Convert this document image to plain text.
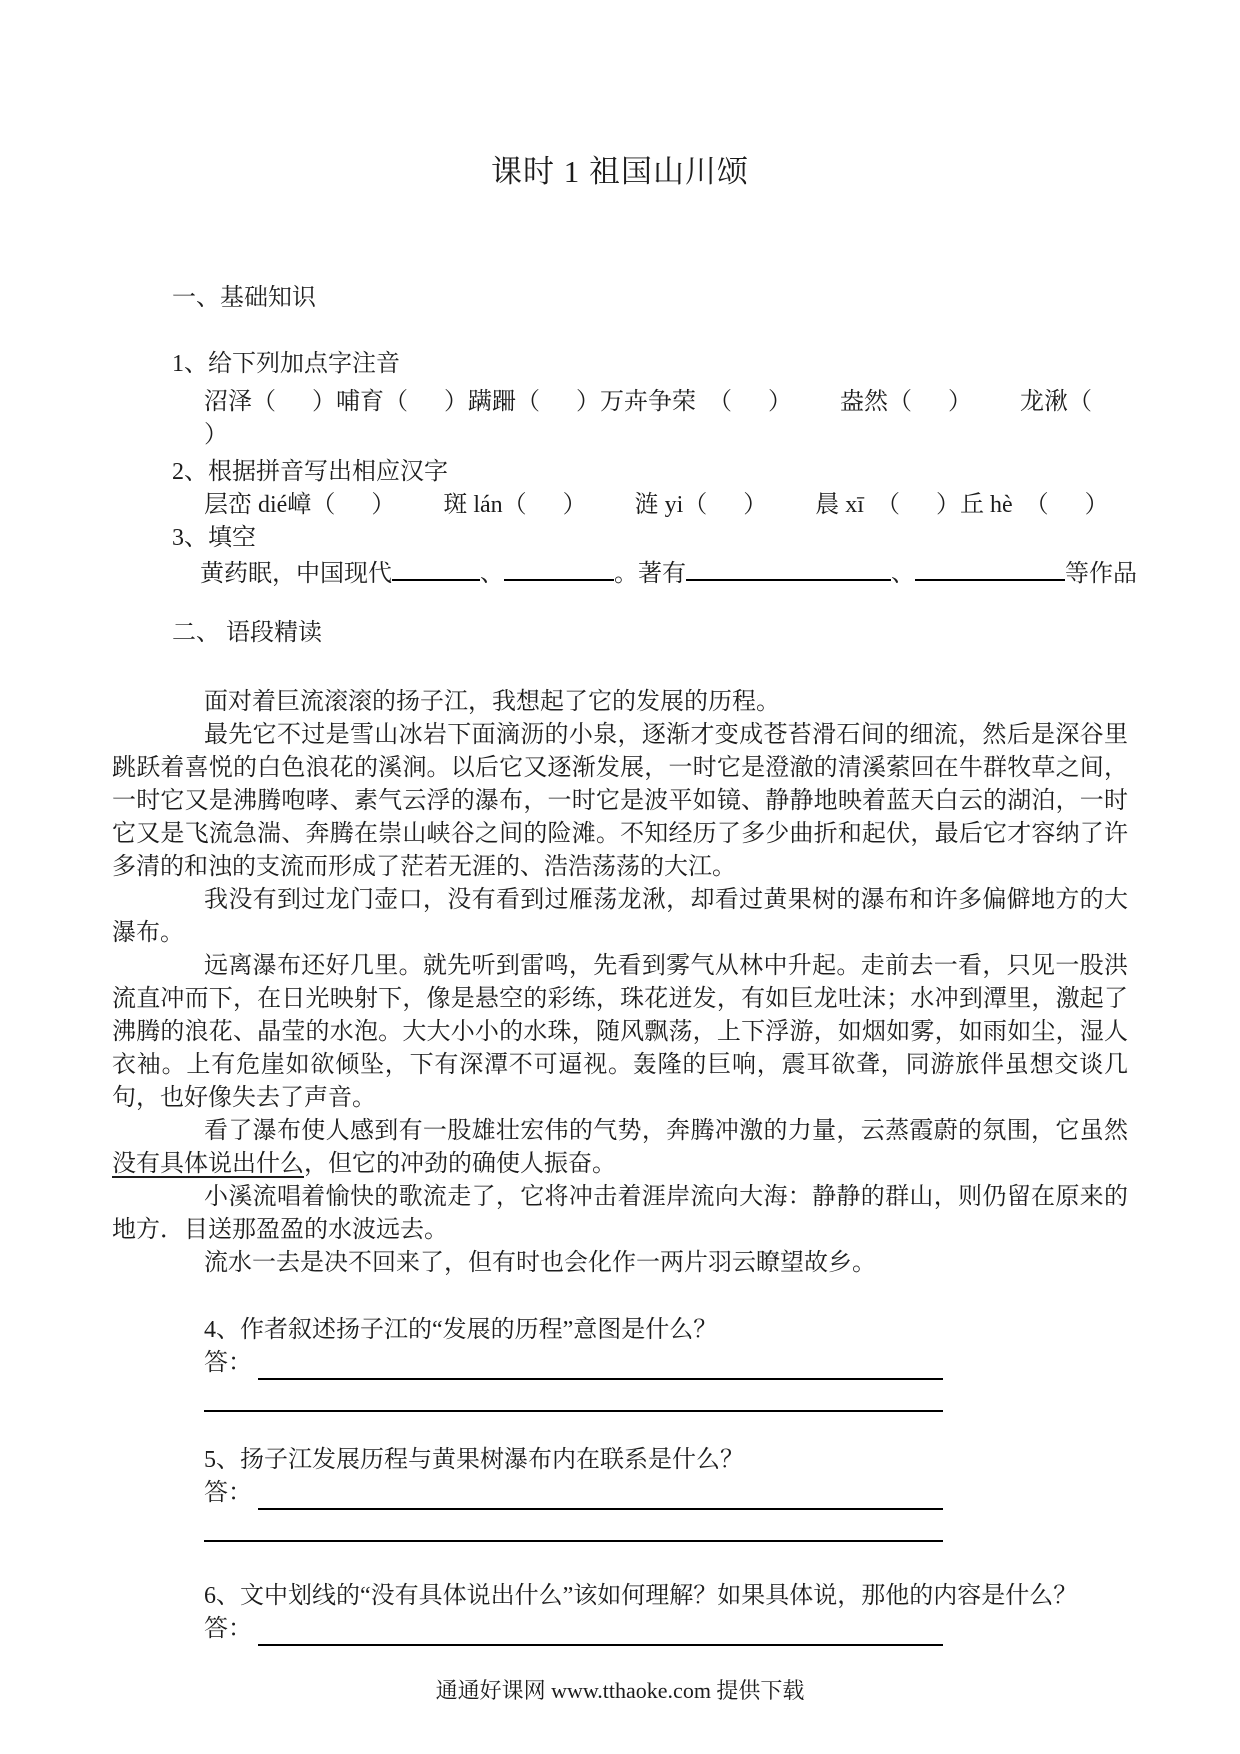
课时 1 祖国山川颂
一、基础知识
1、给下列加点字注音
沼 •泽（      ）哺 •育（      ）蹒 •跚 •（      ）万卉 •争荣  （      ）        盎 •然（      ）        龙湫 •（      ）
2、根据拼音写出相应汉字
层峦 dié嶂（      ）        斑 lán（      ）        涟 yi（      ）        晨 xī  （      ）丘 hè  （      ）
3、填空
黄药眠，中国现代	、	。著有	、	等作品
二、 语段精读

面对着巨流滚滚的扬子江，我想起了它的发展的历程。

最先它不过是雪山冰岩下面滴沥的小泉，逐渐才变成苍苔滑石间的细流，然后是深谷里跳跃着喜悦的白色浪花的溪涧。以后它又逐渐发展，一时它是澄澈的清溪萦回在牛群牧草之间，一时它又是沸腾咆哮、素气云浮的瀑布，一时它是波平如镜、静静地映着蓝天白云的湖泊，一时它又是飞流急湍、奔腾在崇山峡谷之间的险滩。不知经历了多少曲折和起伏，最后它才容纳了许多清的和浊的支流而形成了茫若无涯的、浩浩荡荡的大江。

我没有到过龙门壶口，没有看到过雁荡龙湫，却看过黄果树的瀑布和许多偏僻地方的大瀑布。

远离瀑布还好几里。就先听到雷鸣，先看到雾气从林中升起。走前去一看，只见一股洪流直冲而下，在日光映射下，像是悬空的彩练，珠花迸发，有如巨龙吐沫；水冲到潭里，激起了沸腾的浪花、晶莹的水泡。大大小小的水珠，随风飘荡，上下浮游，如烟如雾，如雨如尘，湿人衣袖。上有危崖如欲倾坠，下有深潭不可逼视。轰隆的巨响，震耳欲聋，同游旅伴虽想交谈几句，也好像失去了声音。

看了瀑布使人感到有一股雄壮宏伟的气势，奔腾冲激的力量，云蒸霞蔚的氛围，它虽然没有具体说出什么，但它的冲劲的确使人振奋。

小溪流唱着愉快的歌流走了，它将冲击着涯岸流向大海：静静的群山，则仍留在原来的地方．目送那盈盈的水波远去。

流水一去是决不回来了，但有时也会化作一两片羽云瞭望故乡。

4、作者叙述扬子江的“发展的历程”意图是什么？
答：
5、扬子江发展历程与黄果树瀑布内在联系是什么？
答：
6、文中划线的“没有具体说出什么”该如何理解？如果具体说，那他的内容是什么？
答：
通通好课网 www.tthaoke.com 提供下载
